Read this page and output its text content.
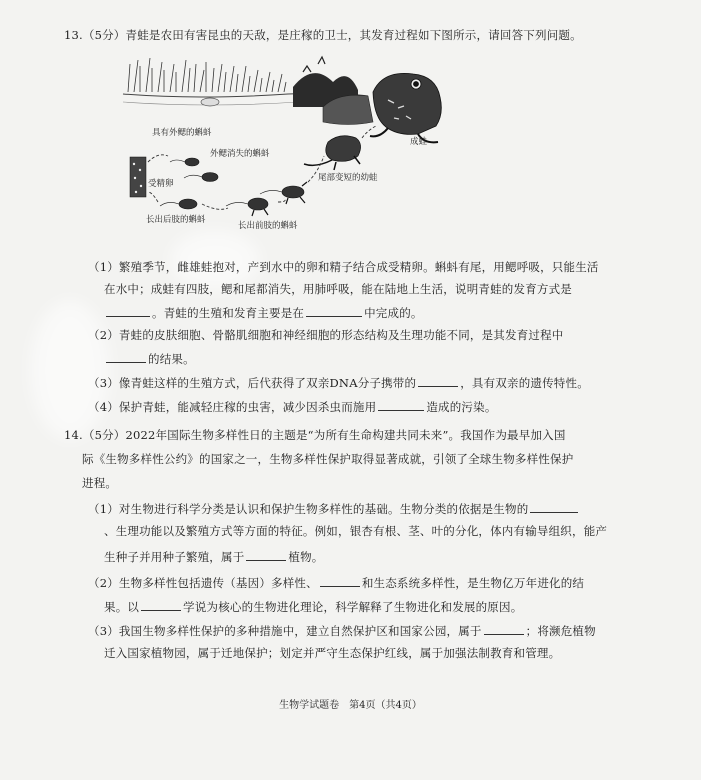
13.（5分）青蛙是农田有害昆虫的天敌，是庄稼的卫士，其发育过程如下图所示，请回答下列问题。
具有外鳃的蝌蚪
外鳃消失的蝌蚪
受精卵
长出后肢的蝌蚪
长出前肢的蝌蚪
尾部变短的幼蛙
成蛙
（1）繁殖季节，雌雄蛙抱对，产到水中的卵和精子结合成受精卵。蝌蚪有尾，用鳃呼吸，只能生活
在水中；成蛙有四肢，鳃和尾都消失，用肺呼吸，能在陆地上生活，说明青蛙的发育方式是
。青蛙的生殖和发育主要是在	中完成的。
（2）青蛙的皮肤细胞、骨骼肌细胞和神经细胞的形态结构及生理功能不同，是其发育过程中
的结果。
（3）像青蛙这样的生殖方式，后代获得了双亲DNA分子携带的	，具有双亲的遗传特性。
（4）保护青蛙，能减轻庄稼的虫害，减少因杀虫而施用	造成的污染。
14.（5分）2022年国际生物多样性日的主题是“为所有生命构建共同未来”。我国作为最早加入国
际《生物多样性公约》的国家之一，生物多样性保护取得显著成就，引领了全球生物多样性保护
进程。
（1）对生物进行科学分类是认识和保护生物多样性的基础。生物分类的依据是生物的
、生理功能以及繁殖方式等方面的特征。例如，银杏有根、茎、叶的分化，体内有输导组织，能产
生种子并用种子繁殖，属于	植物。
（2）生物多样性包括遗传（基因）多样性、	和生态系统多样性，是生物亿万年进化的结
果。以	学说为核心的生物进化理论，科学解释了生物进化和发展的原因。
（3）我国生物多样性保护的多种措施中，建立自然保护区和国家公园，属于	；将濒危植物
迁入国家植物园，属于迁地保护；划定并严守生态保护红线，属于加强法制教育和管理。
生物学试题卷　第4页（共4页）
